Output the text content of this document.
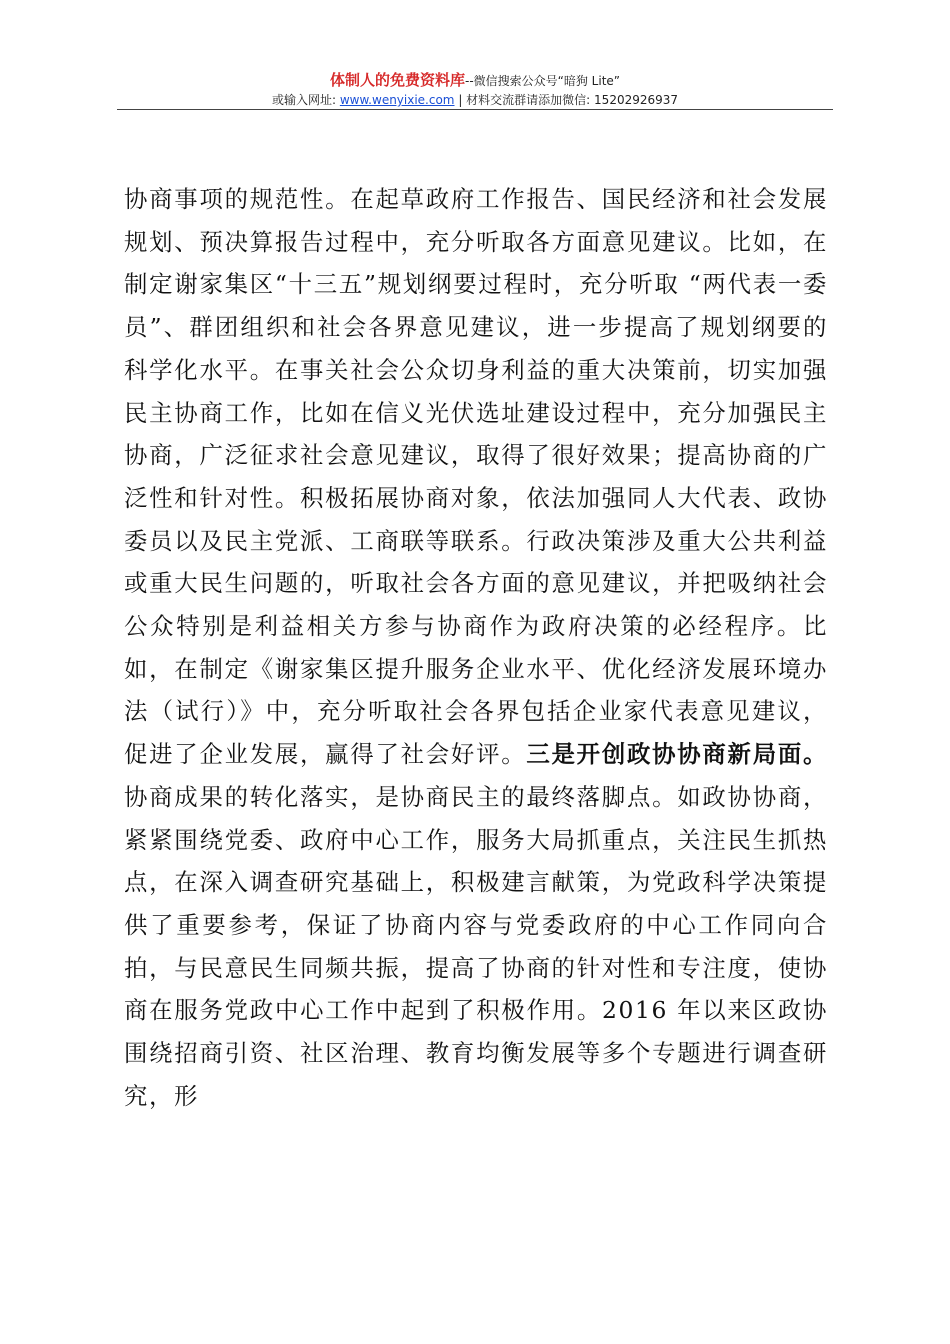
体制人的免费资料库--微信搜索公众号“暗狗 Lite”
或输入网址: www.wenyixie.com | 材料交流群请添加微信: 15202926937

协商事项的规范性。在起草政府工作报告、国民经济和社会发展规划、预决算报告过程中，充分听取各方面意见建议。比如，在制定谢家集区“十三五”规划纲要过程时，充分听取 “两代表一委员”、群团组织和社会各界意见建议，进一步提高了规划纲要的科学化水平。在事关社会公众切身利益的重大决策前，切实加强民主协商工作，比如在信义光伏选址建设过程中，充分加强民主协商，广泛征求社会意见建议，取得了很好效果；提高协商的广泛性和针对性。积极拓展协商对象，依法加强同人大代表、政协委员以及民主党派、工商联等联系。行政决策涉及重大公共利益或重大民生问题的，听取社会各方面的意见建议，并把吸纳社会公众特别是利益相关方参与协商作为政府决策的必经程序。比如，在制定《谢家集区提升服务企业水平、优化经济发展环境办法（试行）》中，充分听取社会各界包括企业家代表意见建议，促进了企业发展，赢得了社会好评。三是开创政协协商新局面。协商成果的转化落实，是协商民主的最终落脚点。如政协协商，紧紧围绕党委、政府中心工作，服务大局抓重点，关注民生抓热点，在深入调查研究基础上，积极建言献策，为党政科学决策提供了重要参考，保证了协商内容与党委政府的中心工作同向合拍，与民意民生同频共振，提高了协商的针对性和专注度，使协商在服务党政中心工作中起到了积极作用。2016 年以来区政协围绕招商引资、社区治理、教育均衡发展等多个专题进行调查研究，形
